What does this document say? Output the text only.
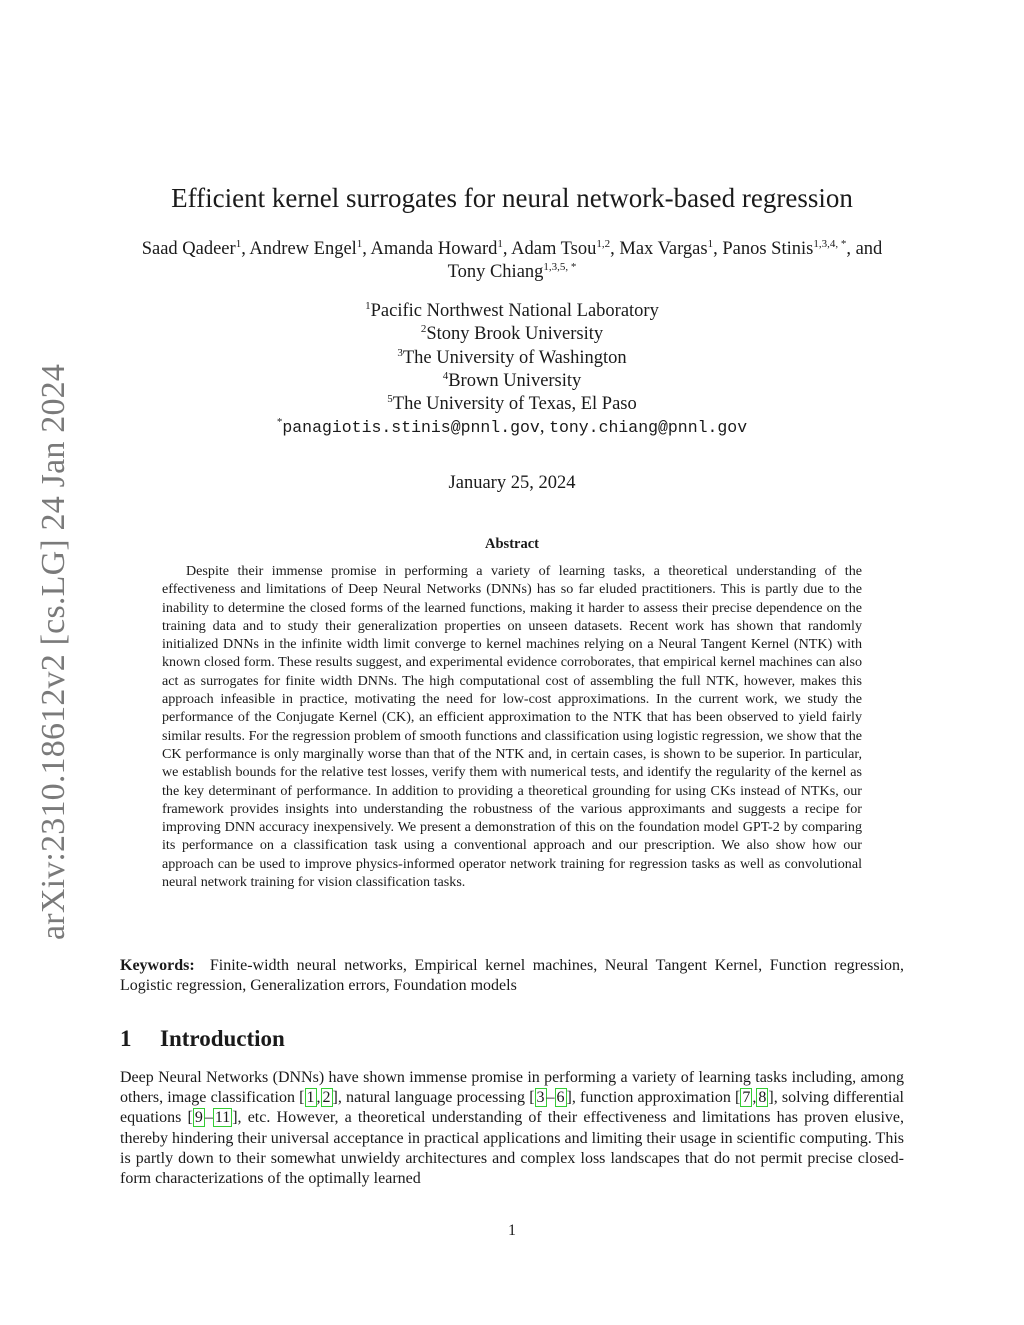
arXiv:2310.18612v2 [cs.LG] 24 Jan 2024
Efficient kernel surrogates for neural network-based regression
Saad Qadeer$^1$, Andrew Engel$^1$, Amanda Howard$^1$, Adam Tsou$^{1,2}$, Max Vargas$^1$, Panos Stinis$^{1,3,4, *}$, and Tony Chiang$^{1,3,5, *}$
$^1$Pacific Northwest National Laboratory
$^2$Stony Brook University
$^3$The University of Washington
$^4$Brown University
$^5$The University of Texas, El Paso
*panagiotis.stinis@pnnl.gov, tony.chiang@pnnl.gov
January 25, 2024
Abstract

Despite their immense promise in performing a variety of learning tasks, a theoretical understanding of the effectiveness and limitations of Deep Neural Networks (DNNs) has so far eluded practitioners. This is partly due to the inability to determine the closed forms of the learned functions, making it harder to assess their precise dependence on the training data and to study their generalization properties on unseen datasets. Recent work has shown that randomly initialized DNNs in the infinite width limit converge to kernel machines relying on a Neural Tangent Kernel (NTK) with known closed form. These results suggest, and experimental evidence corroborates, that empirical kernel machines can also act as surrogates for finite width DNNs. The high computational cost of assembling the full NTK, however, makes this approach infeasible in practice, motivating the need for low-cost approximations. In the current work, we study the performance of the Conjugate Kernel (CK), an efficient approximation to the NTK that has been observed to yield fairly similar results. For the regression problem of smooth functions and classification using logistic regression, we show that the CK performance is only marginally worse than that of the NTK and, in certain cases, is shown to be superior. In particular, we establish bounds for the relative test losses, verify them with numerical tests, and identify the regularity of the kernel as the key determinant of performance. In addition to providing a theoretical grounding for using CKs instead of NTKs, our framework provides insights into understanding the robustness of the various approximants and suggests a recipe for improving DNN accuracy inexpensively. We present a demonstration of this on the foundation model GPT-2 by comparing its performance on a classification task using a conventional approach and our prescription. We also show how our approach can be used to improve physics-informed operator network training for regression tasks as well as convolutional neural network training for vision classification tasks.

Keywords: Finite-width neural networks, Empirical kernel machines, Neural Tangent Kernel, Function regression, Logistic regression, Generalization errors, Foundation models

1 Introduction

Deep Neural Networks (DNNs) have shown immense promise in performing a variety of learning tasks including, among others, image classification [ 1 , 2 ], natural language processing [ 3 – 6 ], function approximation [ 7 , 8 ], solving differential equations [ 9 – 11 ], etc. However, a theoretical understanding of their effectiveness and limitations has proven elusive, thereby hindering their universal acceptance in practical applications and limiting their usage in scientific computing. This is partly down to their somewhat unwieldy architectures and complex loss landscapes that do not permit precise closed-form characterizations of the optimally learned

1
